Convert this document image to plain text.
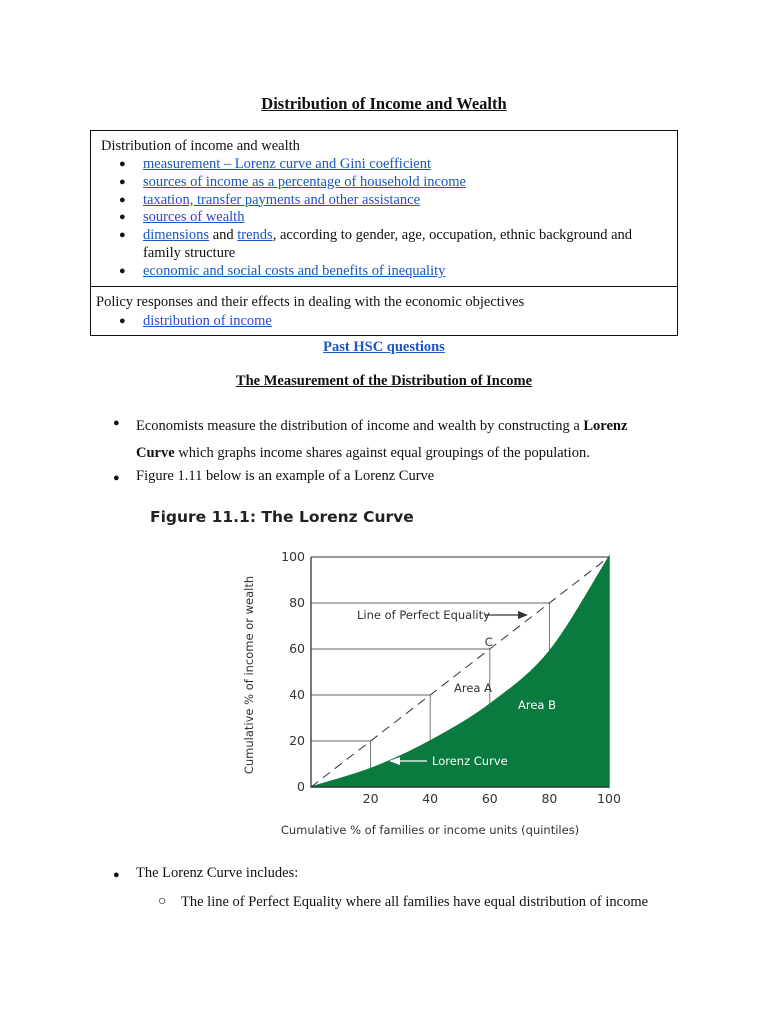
Distribution of Income and Wealth
Distribution of income and wealth
● measurement – Lorenz curve and Gini coefficient
● sources of income as a percentage of household income
● taxation, transfer payments and other assistance
● sources of wealth
● dimensions and trends, according to gender, age, occupation, ethnic background and
family structure
● economic and social costs and benefits of inequality
Policy responses and their effects in dealing with the economic objectives
● distribution of income
Past HSC questions
The Measurement of the Distribution of Income
● Economists measure the distribution of income and wealth by constructing a Lorenz
Curve which graphs income shares against equal groupings of the population.
● Figure 1.11 below is an example of a Lorenz Curve
Figure 11.1: The Lorenz Curve
0
20
40
60
80
100
20	40	60	80	100
Cumulative % of families or income units (quintiles)
Cumulative % of income or wealth	Line of Perfect Equality
C
Area A
Area B
Lorenz Curve
● The Lorenz Curve includes:
○ The line of Perfect Equality where all families have equal distribution of income
